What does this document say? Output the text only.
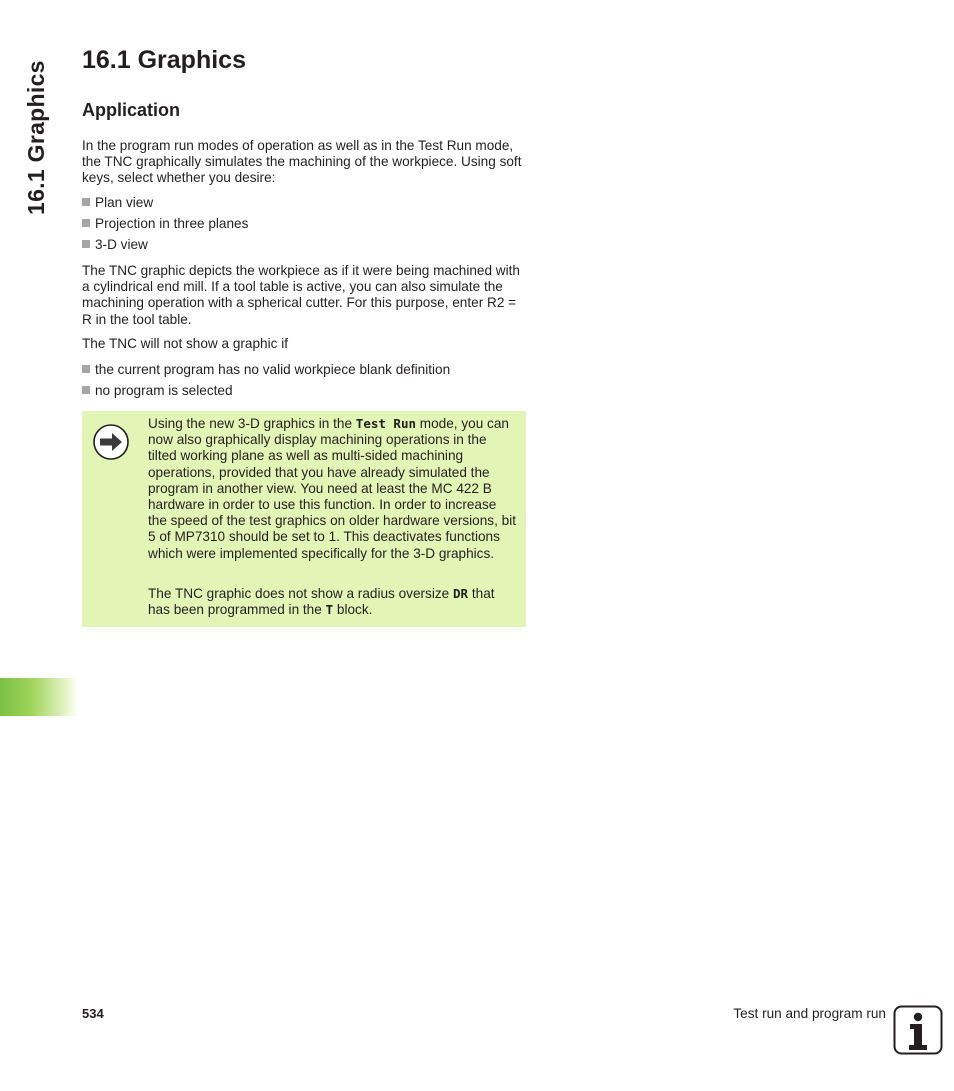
16.1 Graphics
16.1 Graphics
Application

In the program run modes of operation as well as in the Test Run mode, the TNC graphically simulates the machining of the workpiece. Using soft keys, select whether you desire:

Plan view
Projection in three planes
3-D view

The TNC graphic depicts the workpiece as if it were being machined with a cylindrical end mill. If a tool table is active, you can also simulate the machining operation with a spherical cutter. For this purpose, enter R2 = R in the tool table.

The TNC will not show a graphic if

the current program has no valid workpiece blank definition
no program is selected

Using the new 3-D graphics in the Test Run mode, you can now also graphically display machining operations in the tilted working plane as well as multi-sided machining operations, provided that you have already simulated the program in another view. You need at least the MC 422 B hardware in order to use this function. In order to increase the speed of the test graphics on older hardware versions, bit 5 of MP7310 should be set to 1. This deactivates functions which were implemented specifically for the 3-D graphics.

The TNC graphic does not show a radius oversize DR that has been programmed in the T block.

534	Test run and program run
